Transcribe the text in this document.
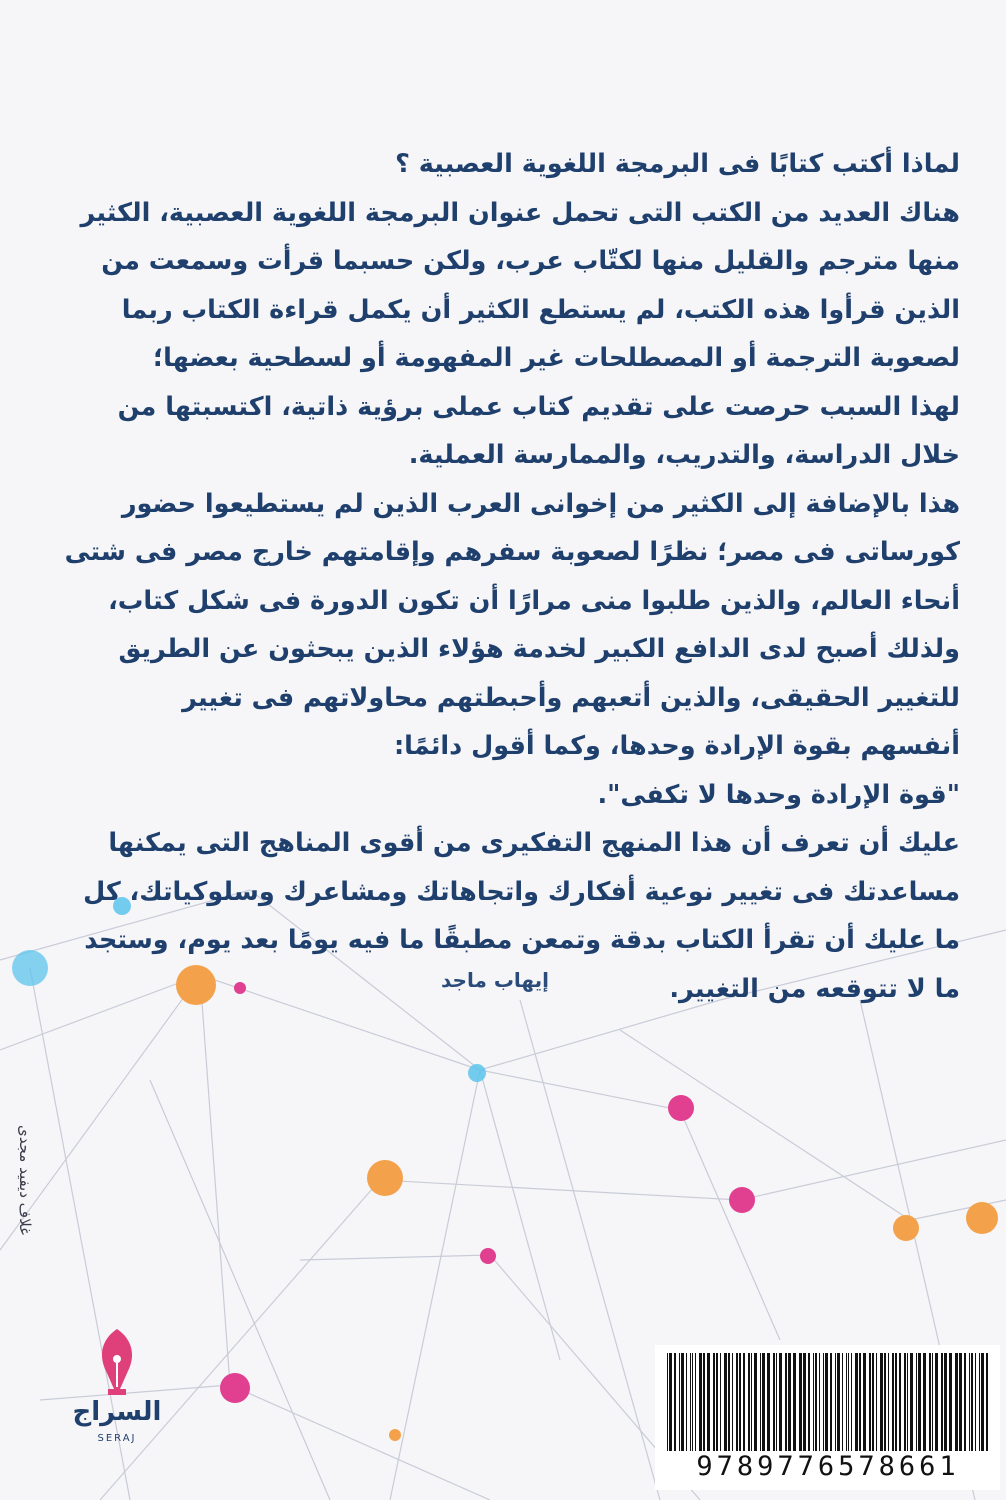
لماذا أكتب كتابًا فى البرمجة اللغوية العصبية ؟
هناك العديد من الكتب التى تحمل عنوان البرمجة اللغوية العصبية، الكثير
منها مترجم والقليل منها لكتّاب عرب، ولكن حسبما قرأت وسمعت من
الذين قرأوا هذه الكتب، لم يستطع الكثير أن يكمل قراءة الكتاب ربما
لصعوبة الترجمة أو المصطلحات غير المفهومة أو لسطحية بعضها؛
لهذا السبب حرصت على تقديم كتاب عملى برؤية ذاتية، اكتسبتها من
خلال الدراسة، والتدريب، والممارسة العملية.
هذا بالإضافة إلى الكثير من إخوانى العرب الذين لم يستطيعوا حضور
كورساتى فى مصر؛ نظرًا لصعوبة سفرهم وإقامتهم خارج مصر فى شتى
أنحاء العالم، والذين طلبوا منى مرارًا أن تكون الدورة فى شكل كتاب،
ولذلك أصبح لدى الدافع الكبير لخدمة هؤلاء الذين يبحثون عن الطريق
للتغيير الحقيقى، والذين أتعبهم وأحبطتهم محاولاتهم فى تغيير
أنفسهم بقوة الإرادة وحدها، وكما أقول دائمًا:
"قوة الإرادة وحدها لا تكفى".
عليك أن تعرف أن هذا المنهج التفكيرى من أقوى المناهج التى يمكنها
مساعدتك فى تغيير نوعية أفكارك واتجاهاتك ومشاعرك وسلوكياتك، كل
ما عليك أن تقرأ الكتاب بدقة وتمعن مطبقًا ما فيه يومًا بعد يوم، وستجد
ما لا تتوقعه من التغيير.
إيهاب ماجد
غلاف ديفيد مجدى
السراج
SERAJ
9789776578661
